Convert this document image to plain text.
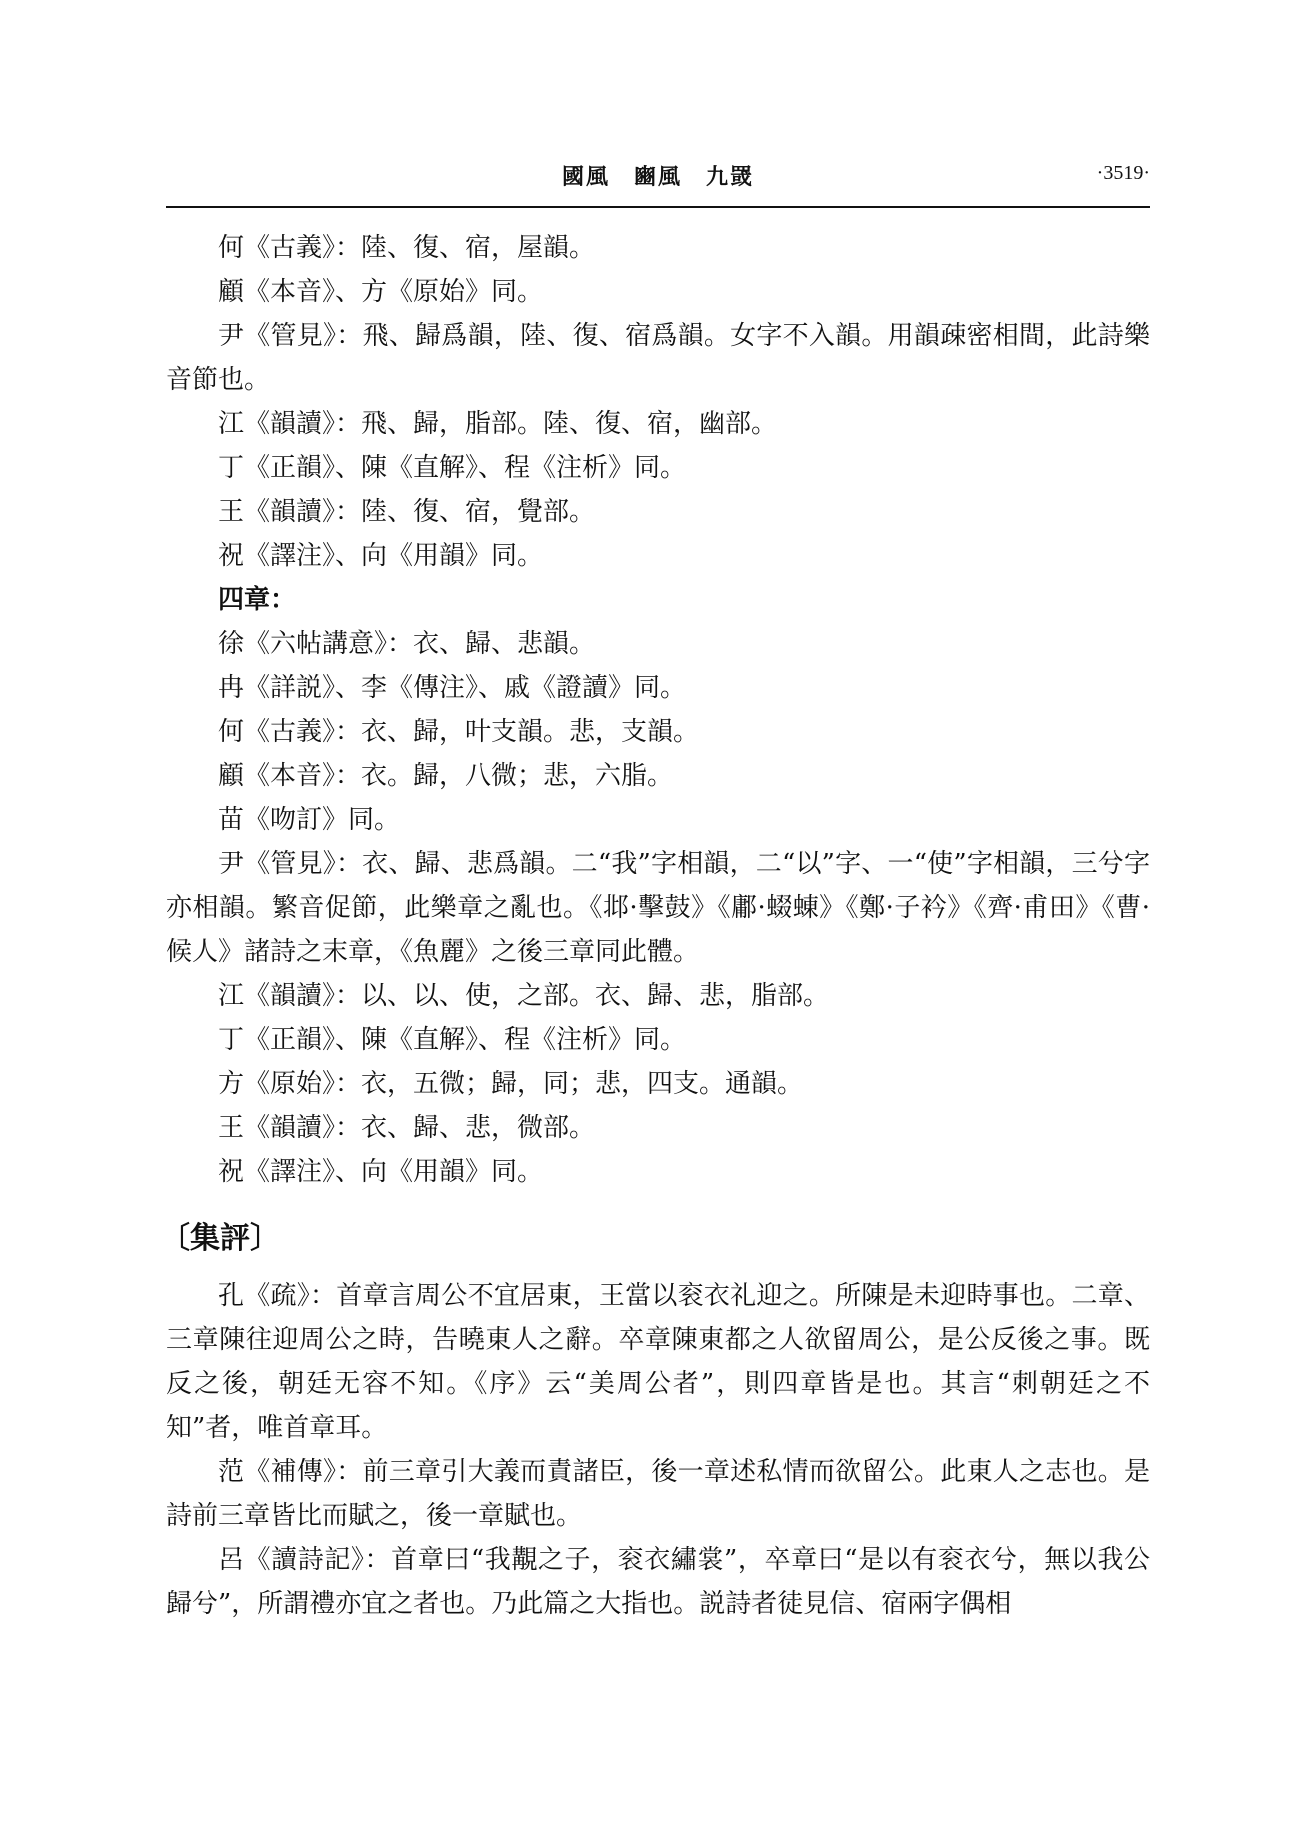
國風　豳風　九罭	·3519·

何《古義》：陸、復、宿，屋韻。

顧《本音》、方《原始》同。

尹《管見》：飛、歸爲韻，陸、復、宿爲韻。女字不入韻。用韻疎密相間，此詩樂音節也。

江《韻讀》：飛、歸，脂部。陸、復、宿，幽部。

丁《正韻》、陳《直解》、程《注析》同。

王《韻讀》：陸、復、宿，覺部。

祝《譯注》、向《用韻》同。

四章：

徐《六帖講意》：衣、歸、悲韻。

冉《詳説》、李《傳注》、戚《證讀》同。

何《古義》：衣、歸，叶支韻。悲，支韻。

顧《本音》：衣。歸，八微；悲，六脂。

苗《吻訂》同。

尹《管見》：衣、歸、悲爲韻。二“我”字相韻，二“以”字、一“使”字相韻，三兮字亦相韻。繁音促節，此樂章之亂也。《邶·擊鼓》《鄘·蝃蝀》《鄭·子衿》《齊·甫田》《曹·候人》諸詩之末章，《魚麗》之後三章同此體。

江《韻讀》：以、以、使，之部。衣、歸、悲，脂部。

丁《正韻》、陳《直解》、程《注析》同。

方《原始》：衣，五微；歸，同；悲，四支。通韻。

王《韻讀》：衣、歸、悲，微部。

祝《譯注》、向《用韻》同。

〔集評〕

孔《疏》：首章言周公不宜居東，王當以衮衣礼迎之。所陳是未迎時事也。二章、三章陳往迎周公之時，告曉東人之辭。卒章陳東都之人欲留周公，是公反後之事。既反之後，朝廷无容不知。《序》云“美周公者”，則四章皆是也。其言“刺朝廷之不知”者，唯首章耳。

范《補傳》：前三章引大義而責諸臣，後一章述私情而欲留公。此東人之志也。是詩前三章皆比而賦之，後一章賦也。

呂《讀詩記》：首章曰“我覯之子，衮衣繡裳”，卒章曰“是以有衮衣兮，無以我公歸兮”，所謂禮亦宜之者也。乃此篇之大指也。説詩者徒見信、宿兩字偶相
